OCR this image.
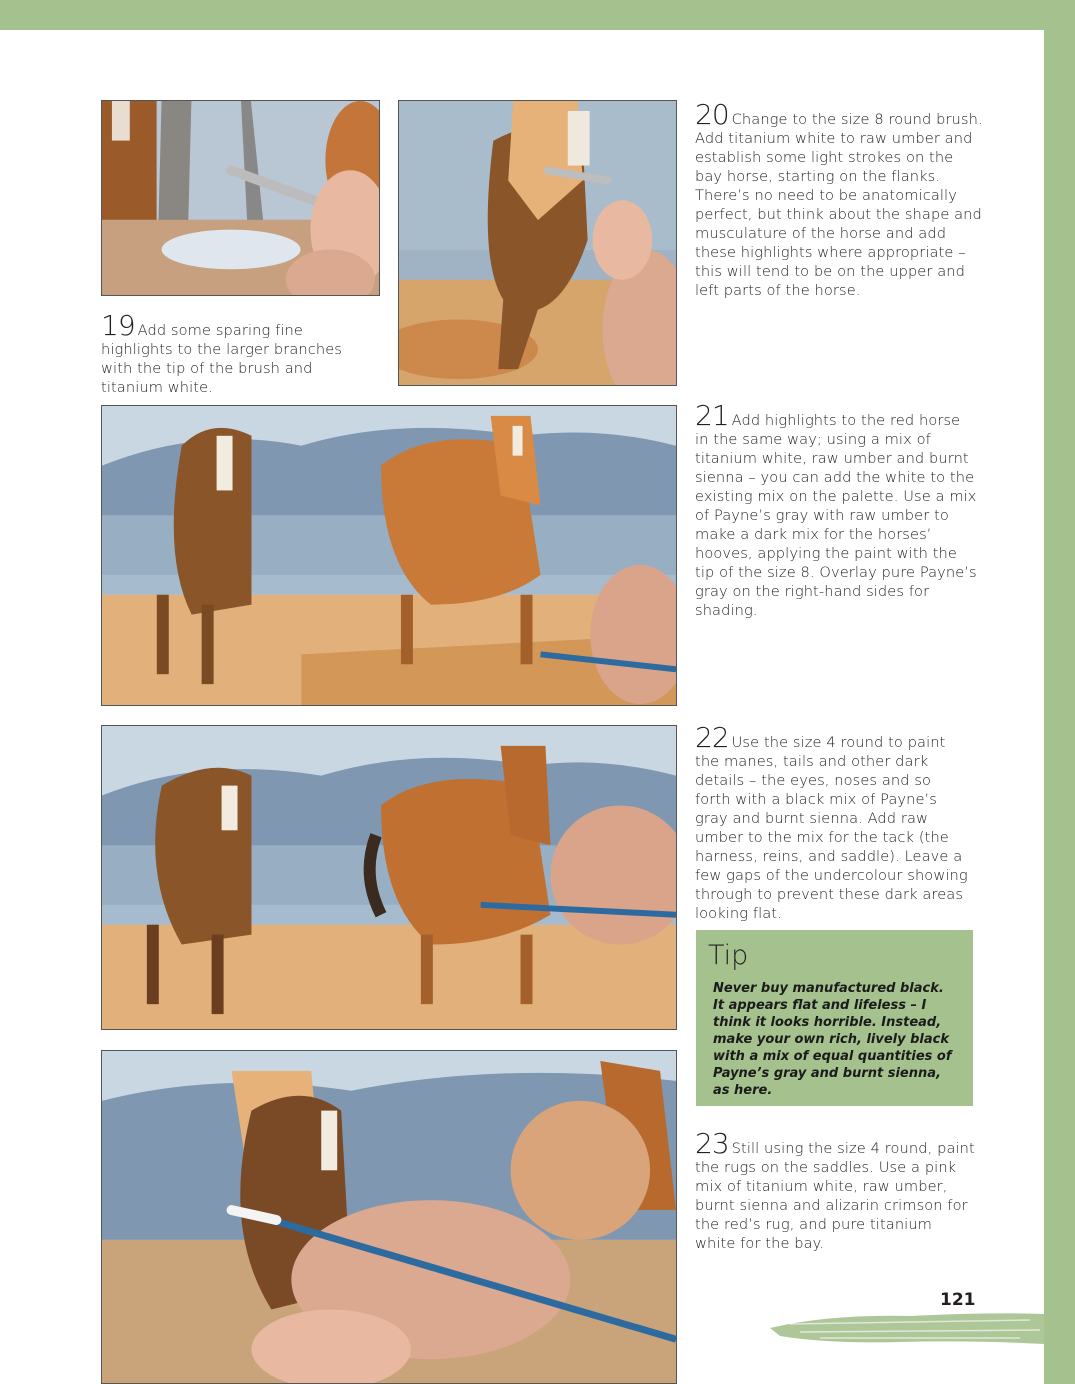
19 Add some sparing fine highlights to the larger branches with the tip of the brush and titanium white.
20 Change to the size 8 round brush. Add titanium white to raw umber and establish some light strokes on the bay horse, starting on the flanks. There’s no need to be anatomically perfect, but think about the shape and musculature of the horse and add these highlights where appropriate – this will tend to be on the upper and left parts of the horse.
21 Add highlights to the red horse in the same way; using a mix of titanium white, raw umber and burnt sienna – you can add the white to the existing mix on the palette. Use a mix of Payne’s gray with raw umber to make a dark mix for the horses’ hooves, applying the paint with the tip of the size 8. Overlay pure Payne’s gray on the right-hand sides for shading.
22 Use the size 4 round to paint the manes, tails and other dark details – the eyes, noses and so forth with a black mix of Payne’s gray and burnt sienna. Add raw umber to the mix for the tack (the harness, reins, and saddle). Leave a few gaps of the undercolour showing through to prevent these dark areas looking flat.
Tip
Never buy manufactured black. It appears flat and lifeless – I think it looks horrible. Instead, make your own rich, lively black with a mix of equal quantities of Payne’s gray and burnt sienna, as here.
23 Still using the size 4 round, paint the rugs on the saddles. Use a pink mix of titanium white, raw umber, burnt sienna and alizarin crimson for the red’s rug, and pure titanium white for the bay.
121
